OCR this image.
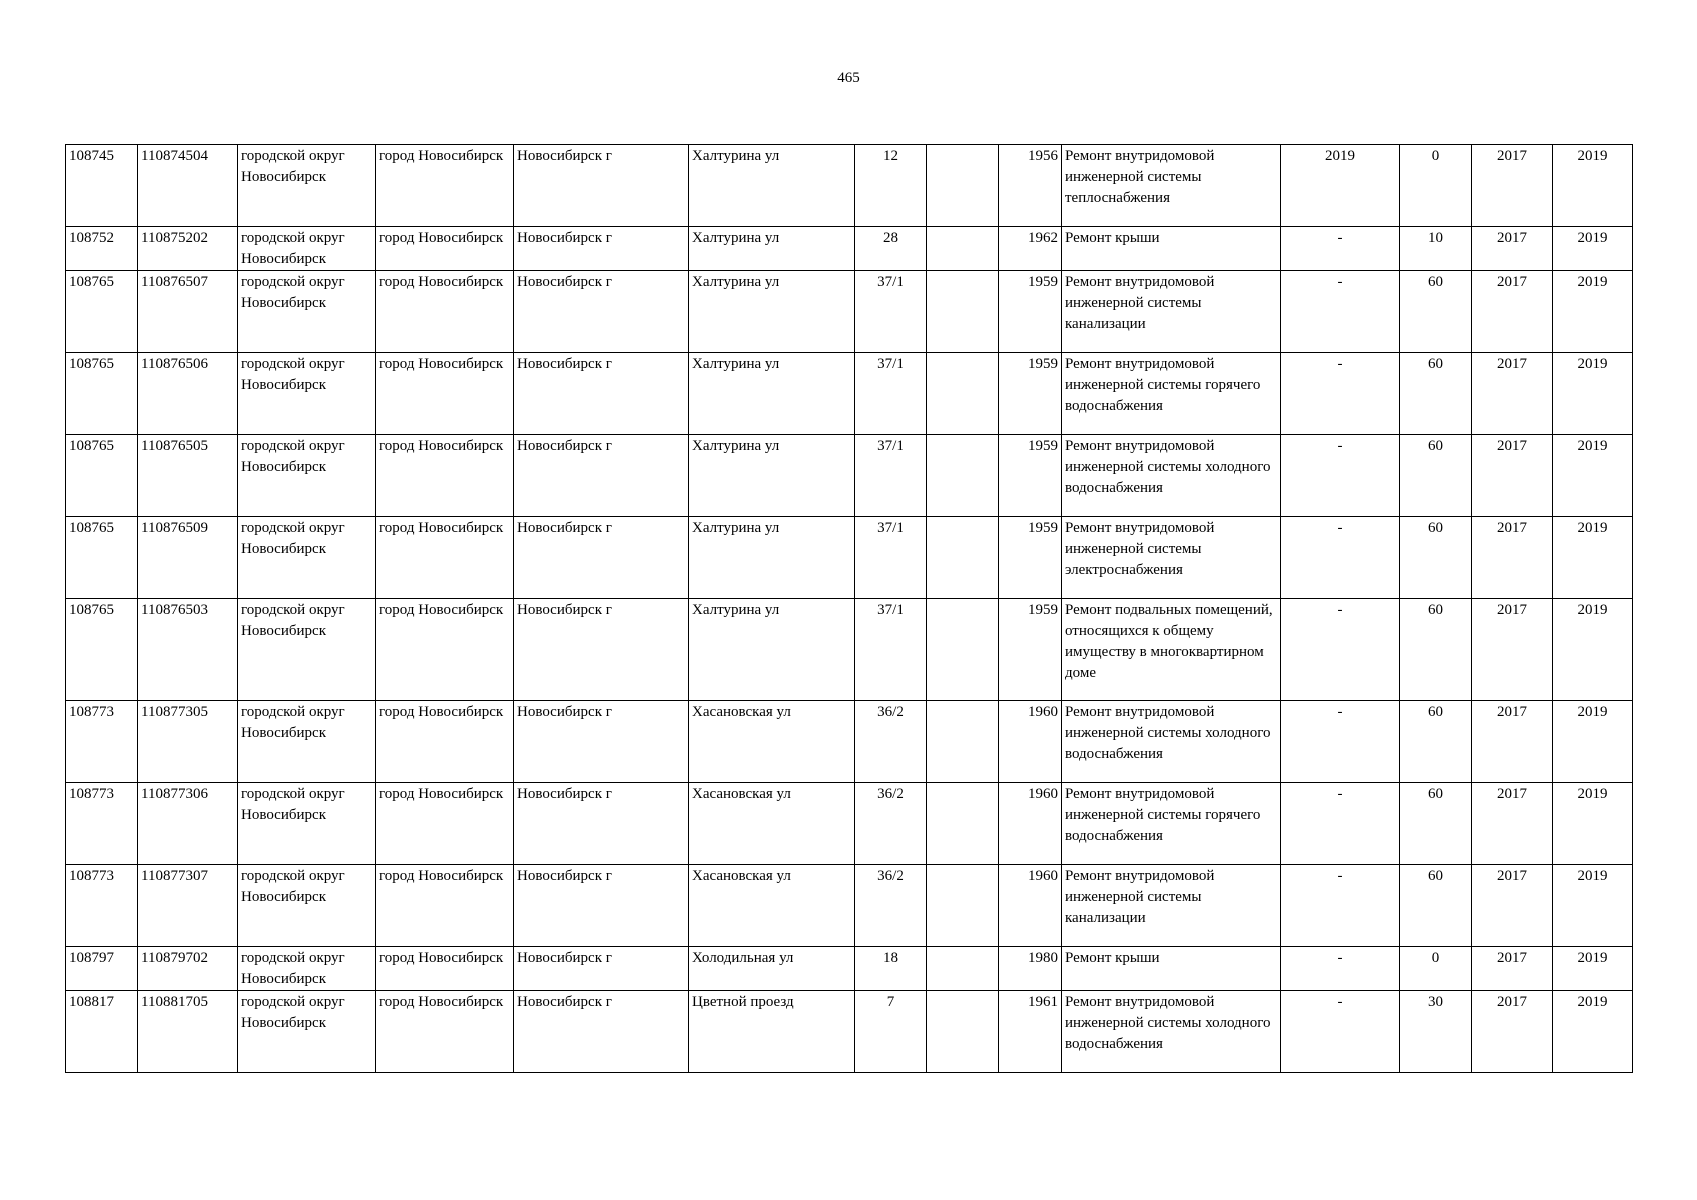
465
108745	110874504	городской округ Новосибирск	город Новосибирск	Новосибирск г	Халтурина ул	12		1956	Ремонт внутридомовой инженерной системы теплоснабжения	2019	0	2017	2019
108752	110875202	городской округ Новосибирск	город Новосибирск	Новосибирск г	Халтурина ул	28		1962	Ремонт крыши	-	10	2017	2019
108765	110876507	городской округ Новосибирск	город Новосибирск	Новосибирск г	Халтурина ул	37/1		1959	Ремонт внутридомовой инженерной системы канализации	-	60	2017	2019
108765	110876506	городской округ Новосибирск	город Новосибирск	Новосибирск г	Халтурина ул	37/1		1959	Ремонт внутридомовой инженерной системы горячего водоснабжения	-	60	2017	2019
108765	110876505	городской округ Новосибирск	город Новосибирск	Новосибирск г	Халтурина ул	37/1		1959	Ремонт внутридомовой инженерной системы холодного водоснабжения	-	60	2017	2019
108765	110876509	городской округ Новосибирск	город Новосибирск	Новосибирск г	Халтурина ул	37/1		1959	Ремонт внутридомовой инженерной системы электроснабжения	-	60	2017	2019
108765	110876503	городской округ Новосибирск	город Новосибирск	Новосибирск г	Халтурина ул	37/1		1959	Ремонт подвальных помещений, относящихся к общему имуществу в многоквартирном доме	-	60	2017	2019
108773	110877305	городской округ Новосибирск	город Новосибирск	Новосибирск г	Хасановская ул	36/2		1960	Ремонт внутридомовой инженерной системы холодного водоснабжения	-	60	2017	2019
108773	110877306	городской округ Новосибирск	город Новосибирск	Новосибирск г	Хасановская ул	36/2		1960	Ремонт внутридомовой инженерной системы горячего водоснабжения	-	60	2017	2019
108773	110877307	городской округ Новосибирск	город Новосибирск	Новосибирск г	Хасановская ул	36/2		1960	Ремонт внутридомовой инженерной системы канализации	-	60	2017	2019
108797	110879702	городской округ Новосибирск	город Новосибирск	Новосибирск г	Холодильная ул	18		1980	Ремонт крыши	-	0	2017	2019
108817	110881705	городской округ Новосибирск	город Новосибирск	Новосибирск г	Цветной проезд	7		1961	Ремонт внутридомовой инженерной системы холодного водоснабжения	-	30	2017	2019
